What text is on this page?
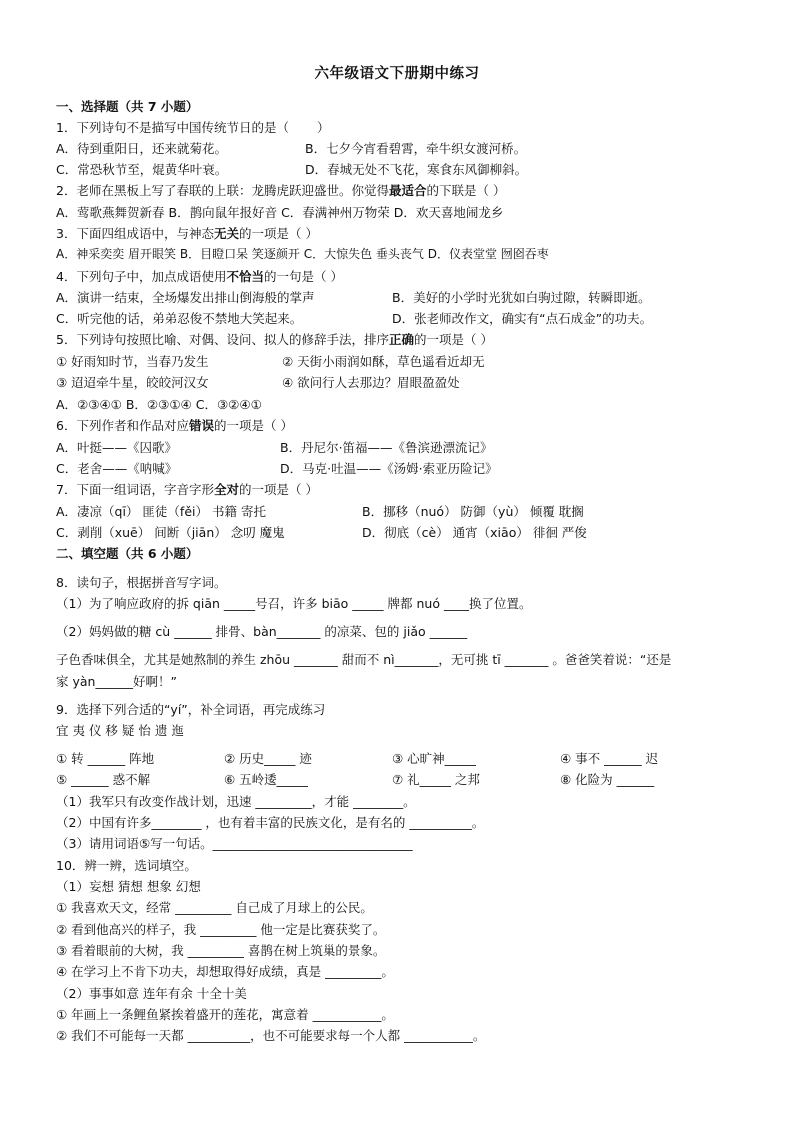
六年级语文下册期中练习
一、选择题（共 7 小题）
1．下列诗句不是描写中国传统节日的是（ ）
A．待到重阳日，还来就菊花。	B．七夕今宵看碧霄，牵牛织女渡河桥。
C．常恐秋节至，焜黄华叶衰。	D．春城无处不飞花，寒食东风御柳斜。
2．老师在黑板上写了春联的上联：龙腾虎跃迎盛世。你觉得最适合的下联是（ ）
A．莺歌燕舞贺新春 B．鹊向鼠年报好音 C．春满神州万物荣 D．欢天喜地闹龙乡
3．下面四组成语中，与神态无关的一项是（ ）
A．神采奕奕 眉开眼笑 B．目瞪口呆 笑逐颜开 C．大惊失色 垂头丧气 D．仪表堂堂 囫囵吞枣
4．下列句子中，加点成语使用不恰当的一句是（ ）
A．演讲一结束，全场爆发出排山倒海般的掌声	B．美好的小学时光犹如白驹过隙，转瞬即逝。
C．听完他的话，弟弟忍俊不禁地大笑起来。	D．张老师改作文，确实有“点石成金”的功夫。
5．下列诗句按照比喻、对偶、设问、拟人的修辞手法，排序正确的一项是（ ）
① 好雨知时节，当春乃发生	② 天街小雨润如酥，草色遥看近却无
③ 迢迢牵牛星，皎皎河汉女	④ 欲问行人去那边？眉眼盈盈处
A．②③④① B．②③①④ C．③②④①
6．下列作者和作品对应错误的一项是（ ）
A．叶挺——《囚歌》	B．丹尼尔·笛福——《鲁滨逊漂流记》
C．老舍——《呐喊》	D．马克·吐温——《汤姆·索亚历险记》
7．下面一组词语，字音字形全对的一项是（ ）
A．凄凉（qī） 匪徒（fěi） 书籍 寄托	B．挪移（nuó） 防御（yù） 倾覆 耽搁
C．剥削（xuē） 间断（jiān） 念叨 魔鬼	D．彻底（cè） 通宵（xiāo） 徘徊 严俊
二、填空题（共 6 小题）
8．读句子，根据拼音写字词。
（1）为了响应政府的拆 qiān _____号召，许多 biāo _____ 牌都 nuó ____换了位置。
（2）妈妈做的糖 cù ______ 排骨、bàn_______ 的凉菜、包的 jiǎo ______
子色香味俱全，尤其是她熬制的养生 zhōu _______ 甜而不 nì_______，无可挑 tī _______ 。爸爸笑着说：“还是
家 yàn______好啊！”
9．选择下列合适的“yí”，补全词语，再完成练习
宜 夷 仪 移 疑 怡 遗 迤
① 转 ______ 阵地	② 历史_____ 迹	③ 心旷神_____	④ 事不 ______ 迟
⑤ ______ 惑不解	⑥ 五岭逶_____	⑦ 礼_____ 之邦	⑧ 化险为 ______
（1）我军只有改变作战计划，迅速 _________，才能 ________。
（2）中国有许多________ ，也有着丰富的民族文化，是有名的 __________。
（3）请用词语⑤写一句话。________________________________
10．辨一辨，选词填空。
（1）妄想 猜想 想象 幻想
① 我喜欢天文，经常 _________ 自己成了月球上的公民。
② 看到他高兴的样子，我 _________ 他一定是比赛获奖了。
③ 看着眼前的大树，我 _________ 喜鹊在树上筑巢的景象。
④ 在学习上不肯下功夫，却想取得好成绩，真是 _________。
（2）事事如意 连年有余 十全十美
① 年画上一条鲤鱼紧挨着盛开的莲花，寓意着 ___________。
② 我们不可能每一天都 __________，也不可能要求每一个人都 ___________。
